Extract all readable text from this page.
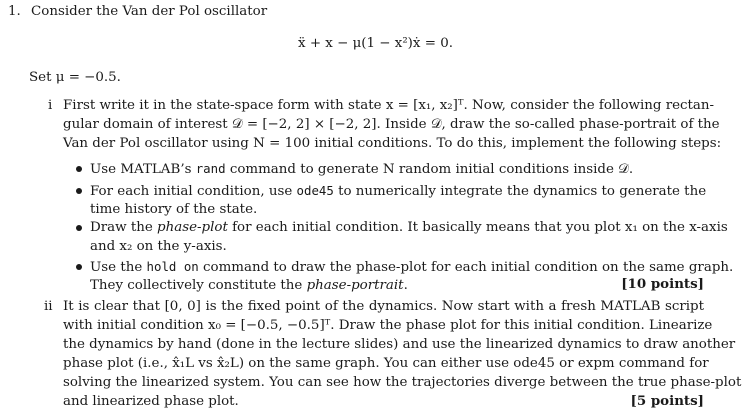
1. Consider the Van der Pol oscillator
ẍ + x − μ(1 − x²)ẋ = 0.
Set μ = −0.5.
i First write it in the state-space form with state x = [x₁, x₂]ᵀ. Now, consider the following rectan-
gular domain of interest 𝒟 = [−2, 2] × [−2, 2]. Inside 𝒟, draw the so-called phase-portrait of the
Van der Pol oscillator using N = 100 initial conditions. To do this, implement the following steps:
Use MATLAB’s rand command to generate N random initial conditions inside 𝒟.
For each initial condition, use ode45 to numerically integrate the dynamics to generate the
time history of the state.
Draw the phase-plot for each initial condition. It basically means that you plot x₁ on the x-axis
and x₂ on the y-axis.
Use the hold on command to draw the phase-plot for each initial condition on the same graph.
They collectively constitute the phase-portrait.	[10 points]
ii It is clear that [0, 0] is the fixed point of the dynamics. Now start with a fresh MATLAB script
with initial condition x₀ = [−0.5, −0.5]ᵀ. Draw the phase plot for this initial condition. Linearize
the dynamics by hand (done in the lecture slides) and use the linearized dynamics to draw another
phase plot (i.e., x̂₁L vs x̂₂L) on the same graph. You can either use ode45 or expm command for
solving the linearized system. You can see how the trajectories diverge between the true phase-plot
and linearized phase plot.	[5 points]
